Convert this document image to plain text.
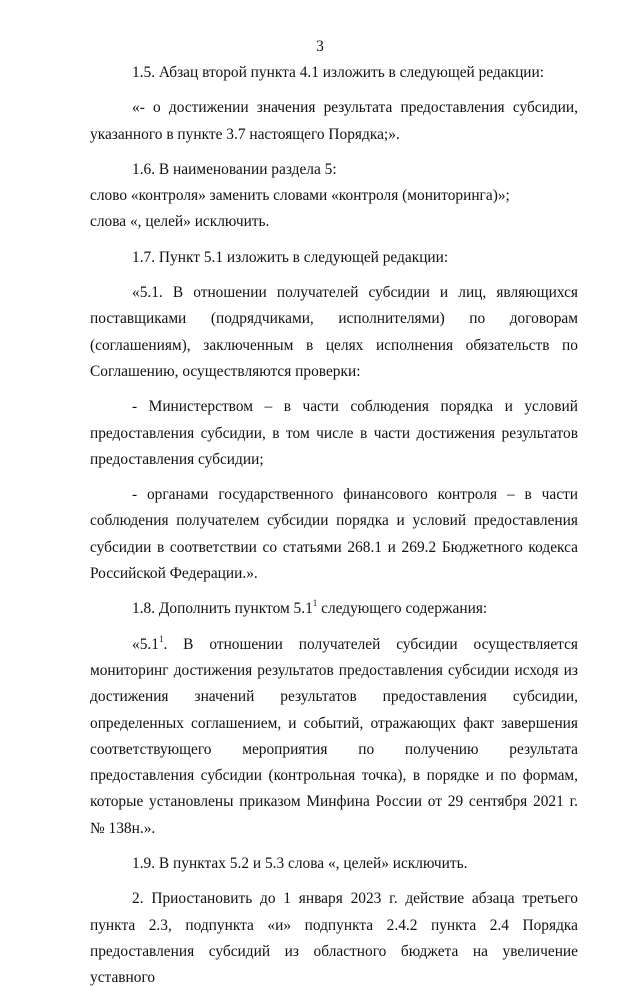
3

1.5. Абзац второй пункта 4.1 изложить в следующей редакции:

«- о достижении значения результата предоставления субсидии, указанного в пункте 3.7 настоящего Порядка;».

1.6. В наименовании раздела 5:

слово «контроля» заменить словами «контроля (мониторинга)»;

слова «, целей» исключить.

1.7. Пункт 5.1 изложить в следующей редакции:

«5.1. В отношении получателей субсидии и лиц, являющихся поставщиками (подрядчиками, исполнителями) по договорам (соглашениям), заключенным в целях исполнения обязательств по Соглашению, осуществляются проверки:

- Министерством – в части соблюдения порядка и условий предоставления субсидии, в том числе в части достижения результатов предоставления субсидии;

- органами государственного финансового контроля – в части соблюдения получателем субсидии порядка и условий предоставления субсидии в соответствии со статьями 268.1 и 269.2 Бюджетного кодекса Российской Федерации.».

1.8. Дополнить пунктом $5.1^1$ следующего содержания:

«$5.1^1$. В отношении получателей субсидии осуществляется мониторинг достижения результатов предоставления субсидии исходя из достижения значений результатов предоставления субсидии, определенных соглашением, и событий, отражающих факт завершения соответствующего мероприятия по получению результата предоставления субсидии (контрольная точка), в порядке и по формам, которые установлены приказом Минфина России от 29 сентября 2021 г. № 138н.».

1.9. В пунктах 5.2 и 5.3 слова «, целей» исключить.

2. Приостановить до 1 января 2023 г. действие абзаца третьего пункта 2.3, подпункта «и» подпункта 2.4.2 пункта 2.4 Порядка предоставления субсидий из областного бюджета на увеличение уставного
